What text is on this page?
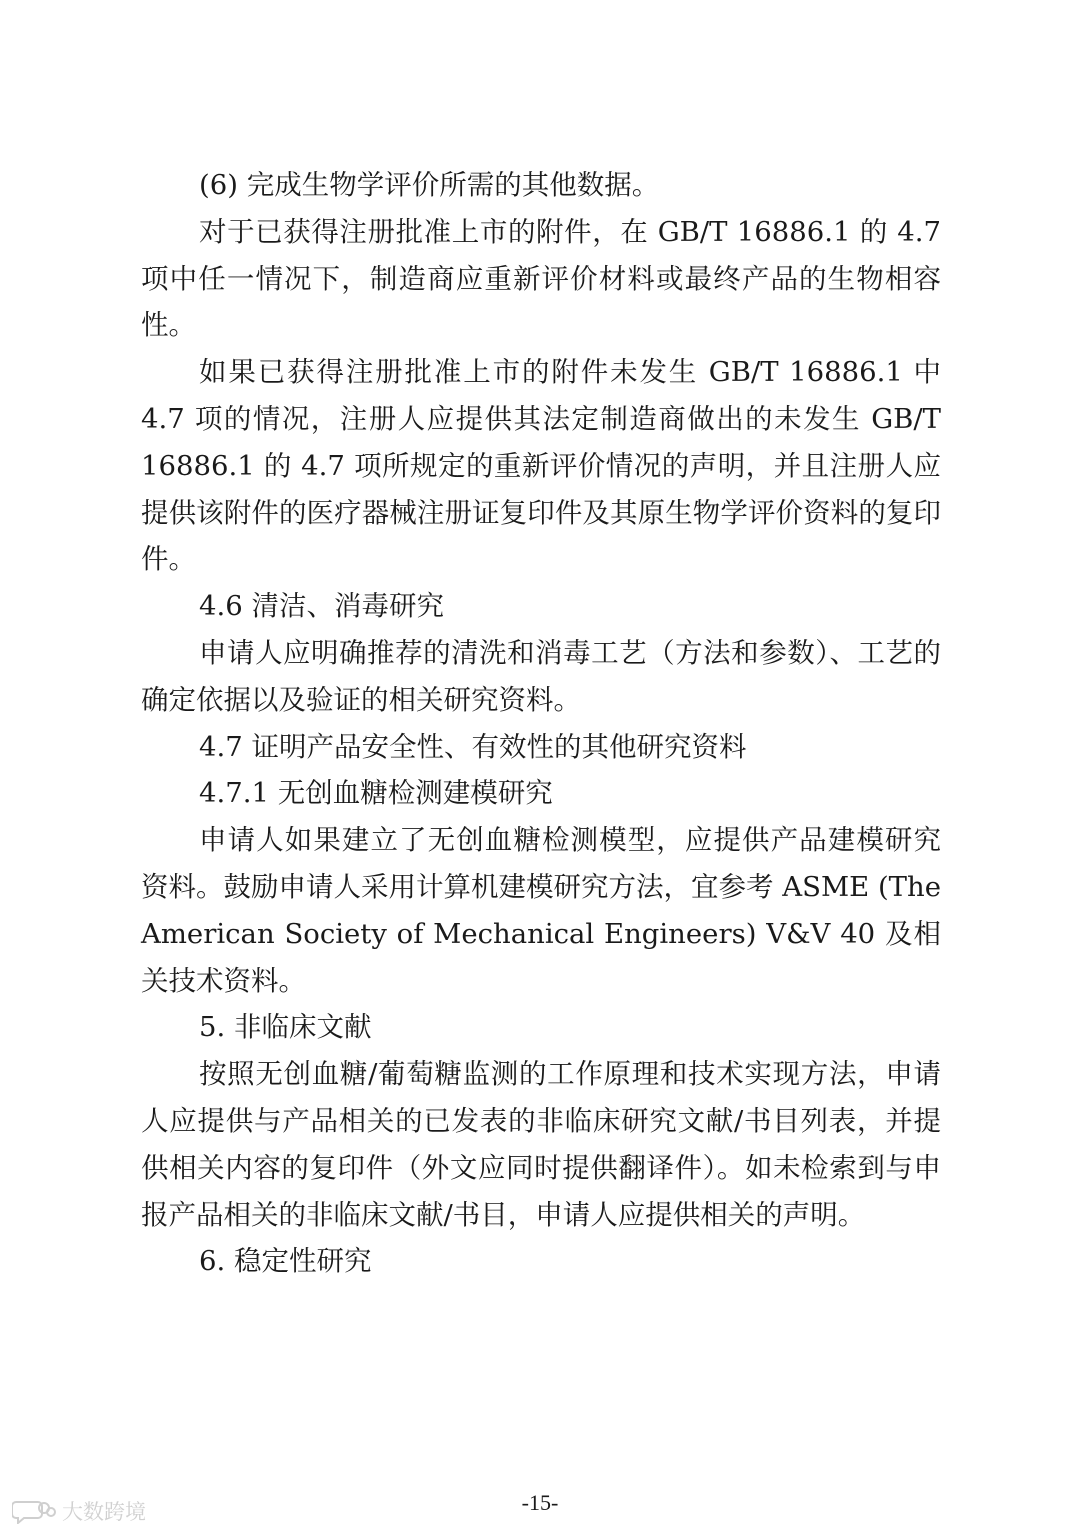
(6) 完成生物学评价所需的其他数据。

对于已获得注册批准上市的附件，在 GB/T 16886.1 的 4.7 项中任一情况下，制造商应重新评价材料或最终产品的生物相容性。

如果已获得注册批准上市的附件未发生 GB/T 16886.1 中 4.7 项的情况，注册人应提供其法定制造商做出的未发生 GB/T 16886.1 的 4.7 项所规定的重新评价情况的声明，并且注册人应提供该附件的医疗器械注册证复印件及其原生物学评价资料的复印件。

4.6 清洁、消毒研究

申请人应明确推荐的清洗和消毒工艺（方法和参数）、工艺的确定依据以及验证的相关研究资料。

4.7 证明产品安全性、有效性的其他研究资料

4.7.1 无创血糖检测建模研究

申请人如果建立了无创血糖检测模型，应提供产品建模研究资料。鼓励申请人采用计算机建模研究方法，宜参考 ASME (The American Society of Mechanical Engineers) V&V 40 及相关技术资料。

5. 非临床文献

按照无创血糖/葡萄糖监测的工作原理和技术实现方法，申请人应提供与产品相关的已发表的非临床研究文献/书目列表，并提供相关内容的复印件（外文应同时提供翻译件）。如未检索到与申报产品相关的非临床文献/书目，申请人应提供相关的声明。

6. 稳定性研究

-15-
大数跨境
